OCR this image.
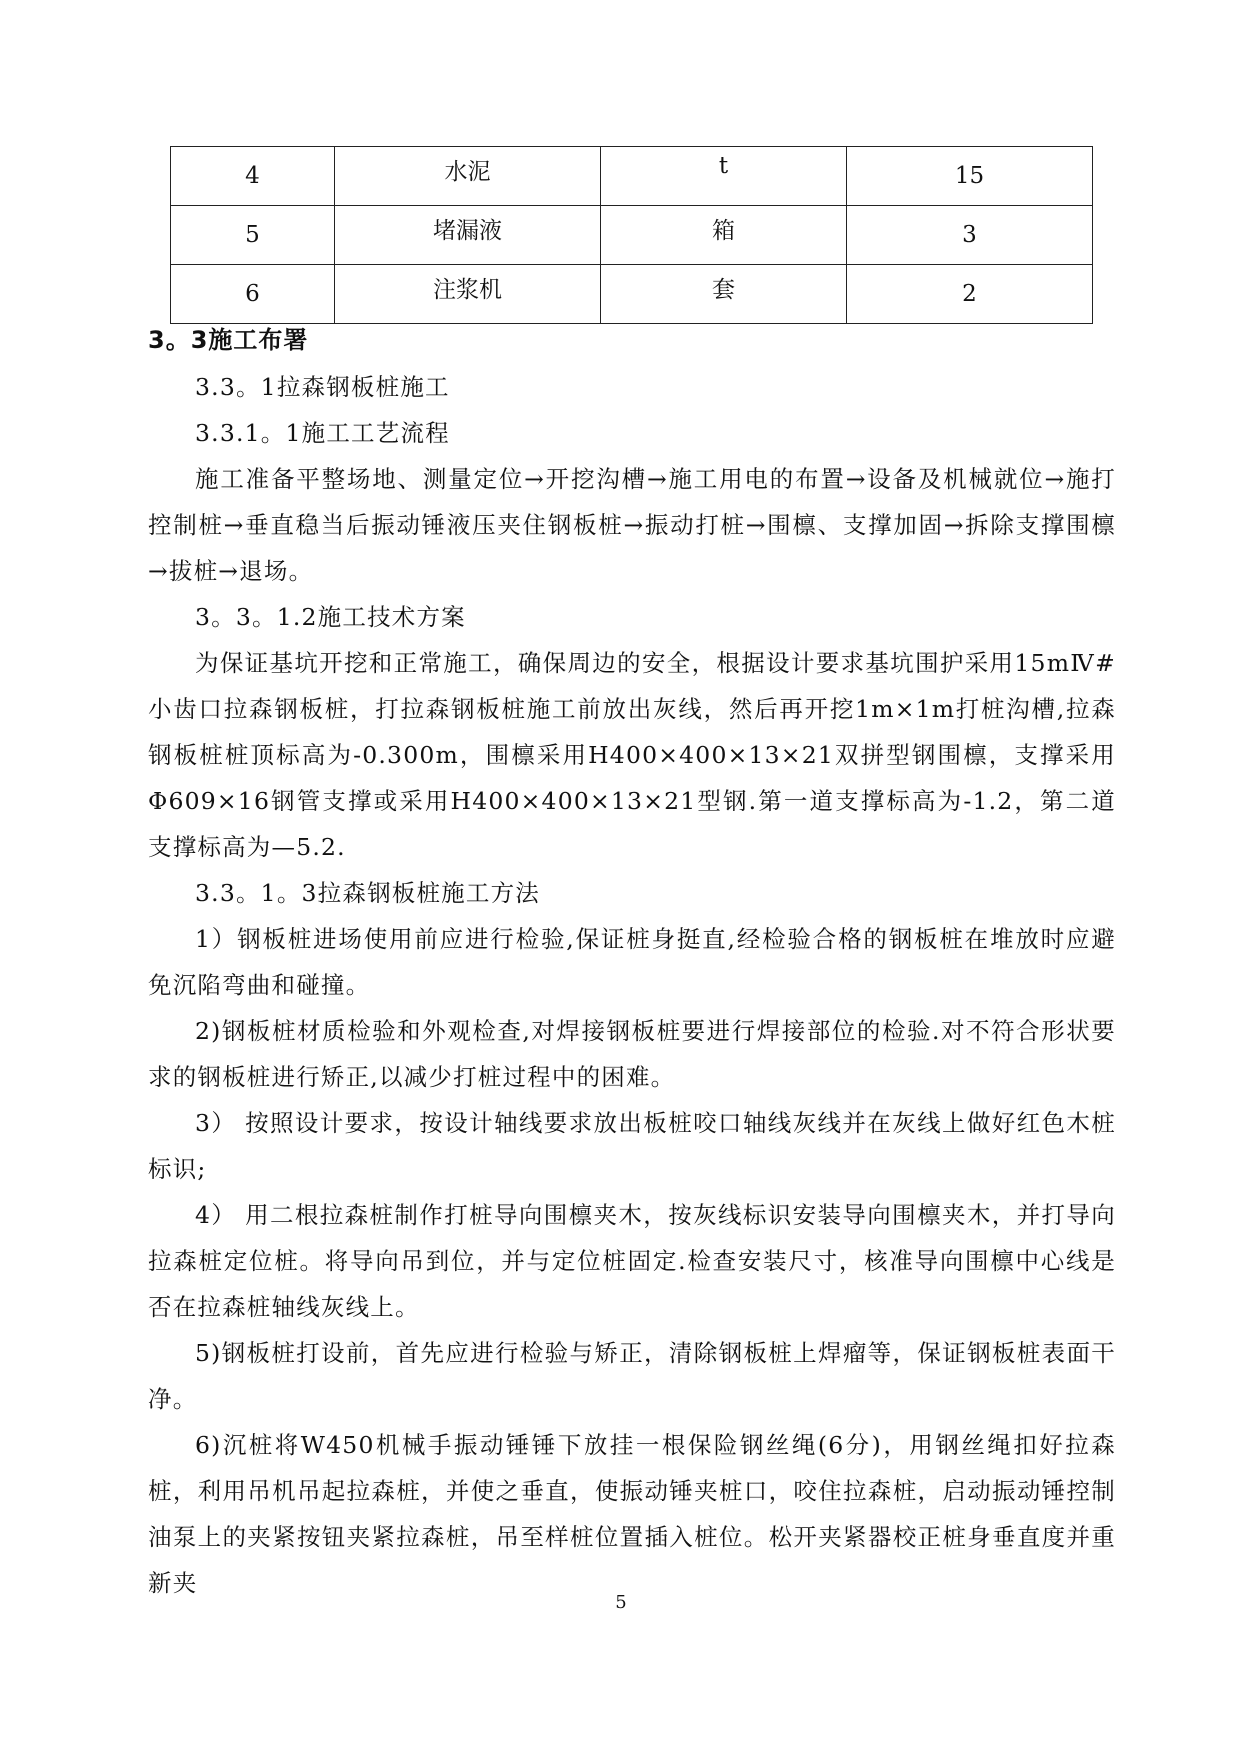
4	水泥	t	15
5	堵漏液	箱	3
6	注浆机	套	2
3。3施工布署
3.3。1拉森钢板桩施工
3.3.1。1施工工艺流程
施工准备平整场地、测量定位→开挖沟槽→施工用电的布置→设备及机械就位→施打控制桩→垂直稳当后振动锤液压夹住钢板桩→振动打桩→围檩、支撑加固→拆除支撑围檩→拔桩→退场。
3。3。1.2施工技术方案
为保证基坑开挖和正常施工，确保周边的安全，根据设计要求基坑围护采用15mⅣ#小齿口拉森钢板桩，打拉森钢板桩施工前放出灰线，然后再开挖1m×1m打桩沟槽,拉森钢板桩桩顶标高为-0.300m，围檩采用H400×400×13×21双拼型钢围檩，支撑采用Φ609×16钢管支撑或采用H400×400×13×21型钢.第一道支撑标高为-1.2，第二道支撑标高为—5.2.
3.3。1。3拉森钢板桩施工方法
1）钢板桩进场使用前应进行检验,保证桩身挺直,经检验合格的钢板桩在堆放时应避免沉陷弯曲和碰撞。
2)钢板桩材质检验和外观检查,对焊接钢板桩要进行焊接部位的检验.对不符合形状要求的钢板桩进行矫正,以减少打桩过程中的困难。
3） 按照设计要求，按设计轴线要求放出板桩咬口轴线灰线并在灰线上做好红色木桩标识;
4） 用二根拉森桩制作打桩导向围檩夹木，按灰线标识安装导向围檩夹木，并打导向拉森桩定位桩。将导向吊到位，并与定位桩固定.检查安装尺寸，核准导向围檩中心线是否在拉森桩轴线灰线上。
5)钢板桩打设前，首先应进行检验与矫正，清除钢板桩上焊瘤等，保证钢板桩表面干净。
6)沉桩将W450机械手振动锤锤下放挂一根保险钢丝绳(6分)，用钢丝绳扣好拉森桩，利用吊机吊起拉森桩，并使之垂直，使振动锤夹桩口，咬住拉森桩，启动振动锤控制油泵上的夹紧按钮夹紧拉森桩，吊至样桩位置插入桩位。松开夹紧器校正桩身垂直度并重新夹
5
